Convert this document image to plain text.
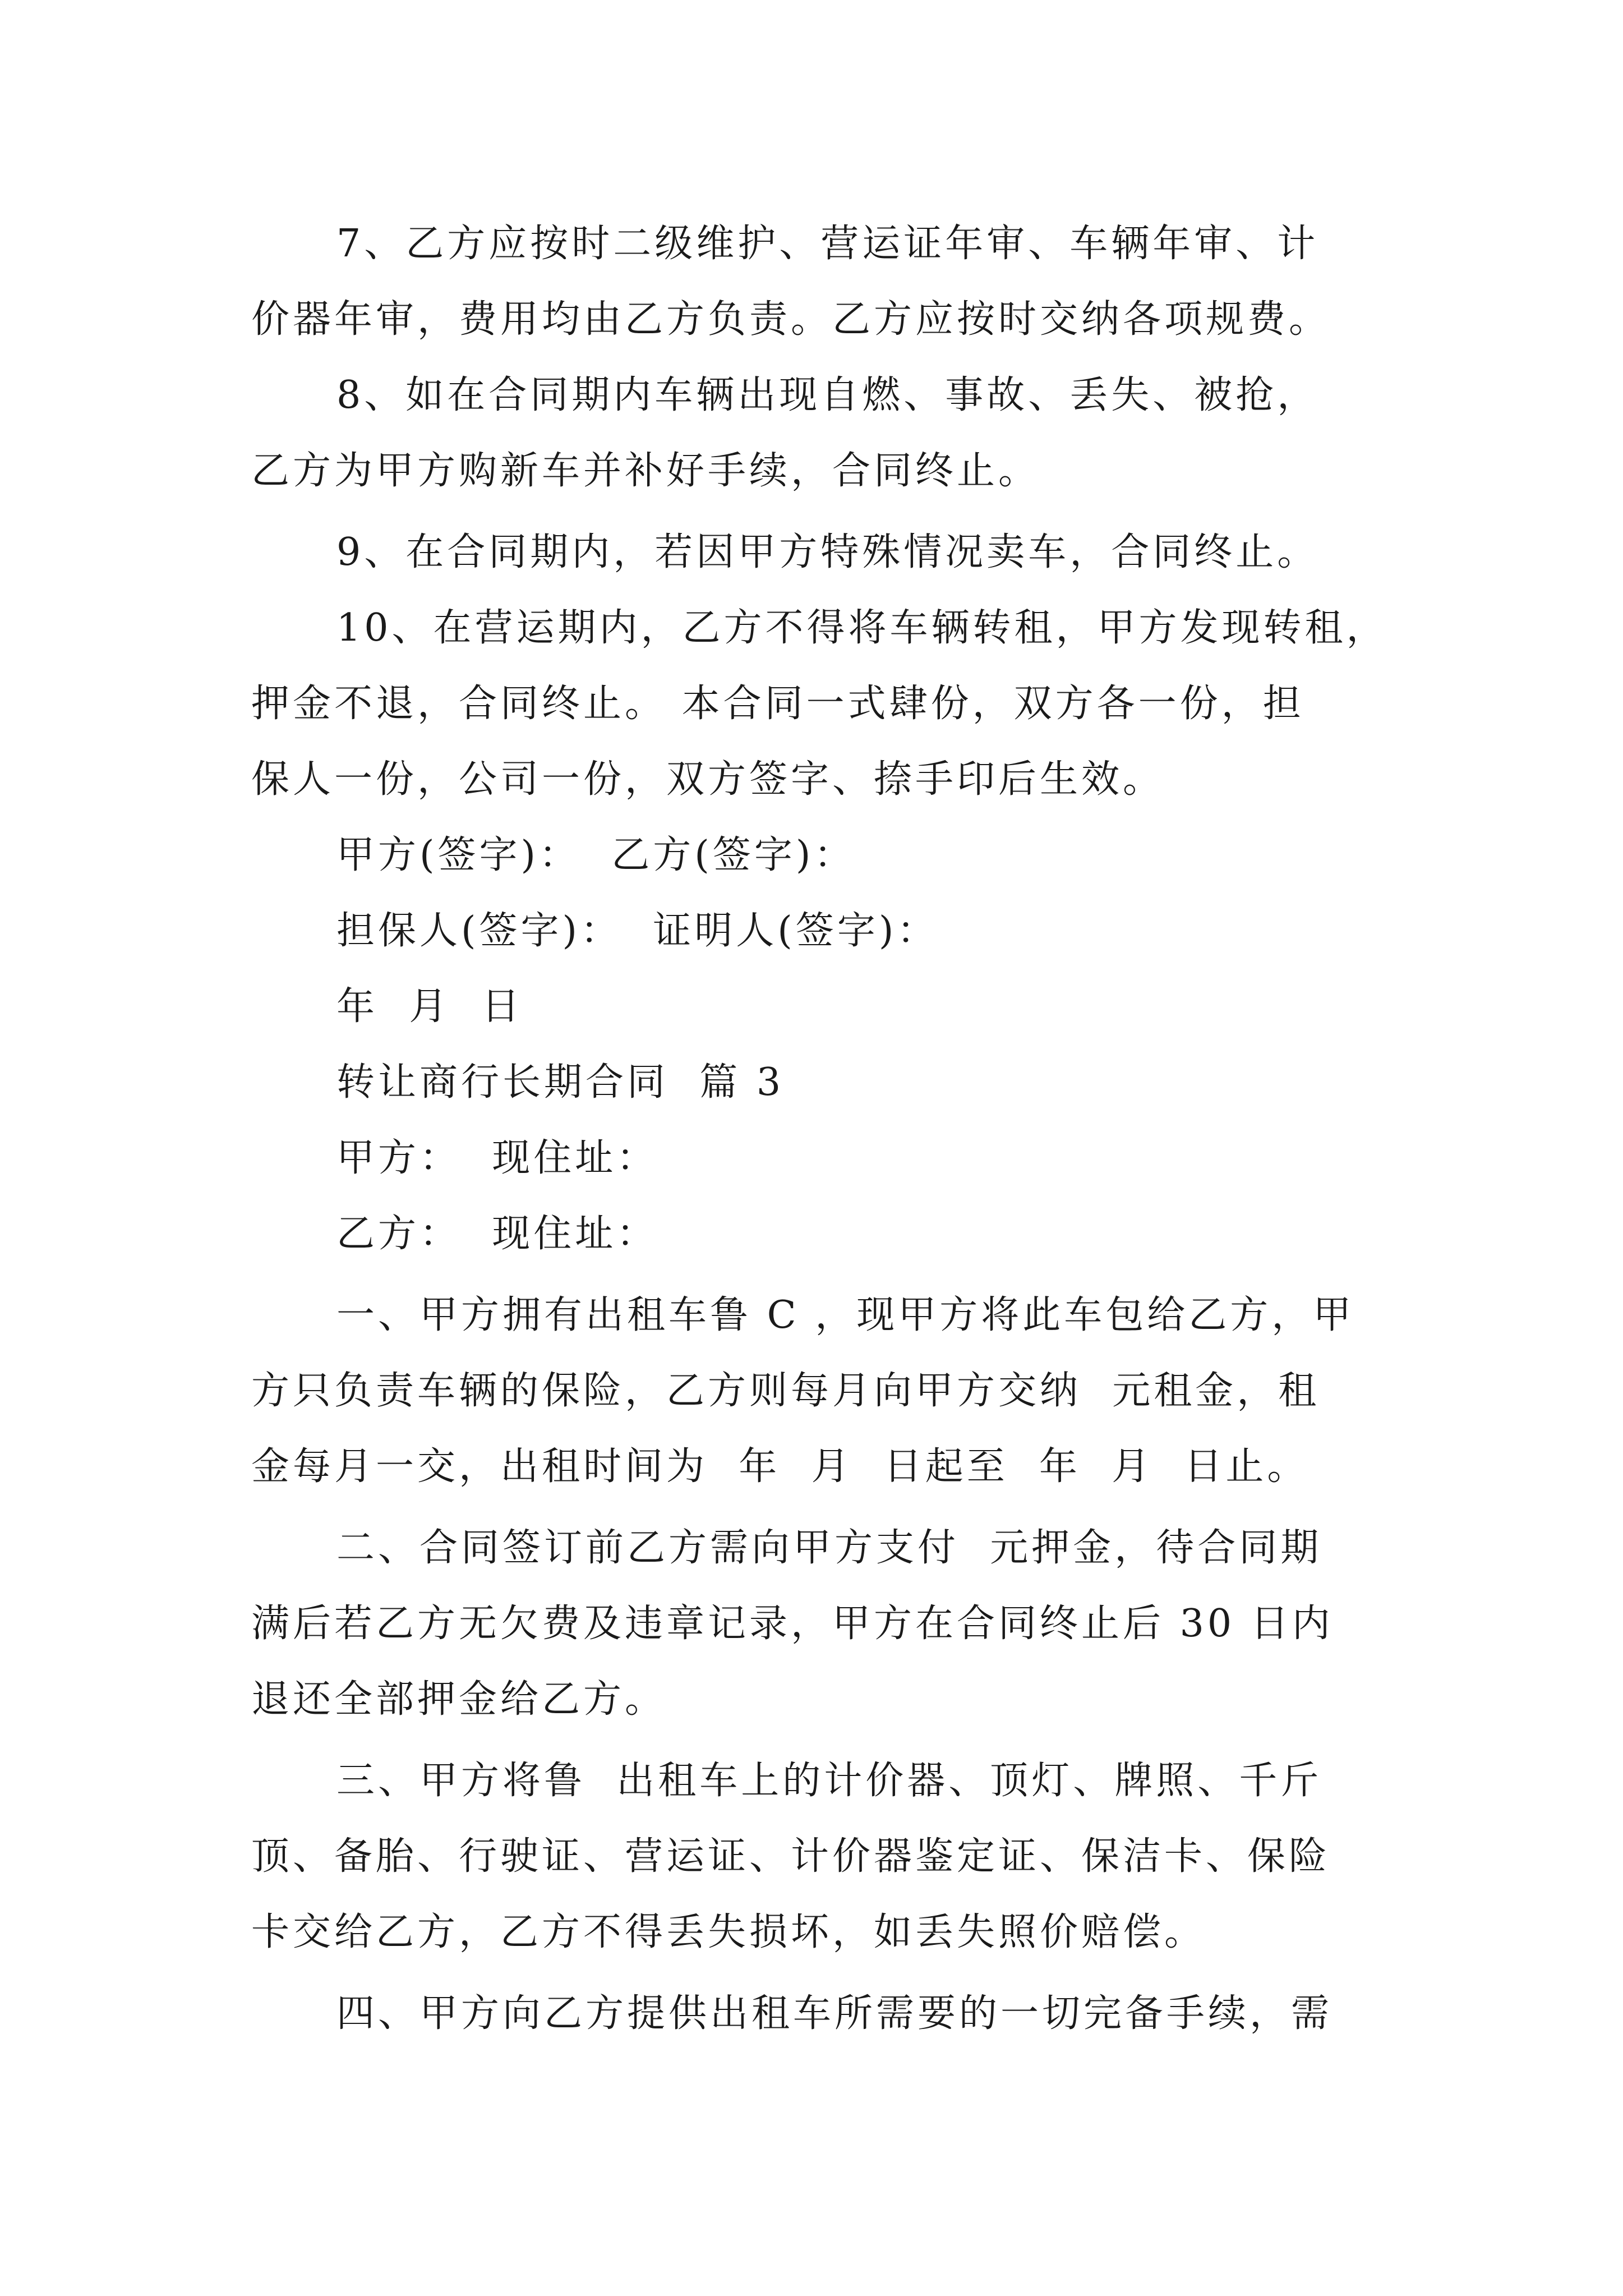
7、乙方应按时二级维护、营运证年审、车辆年审、计
价器年审，费用均由乙方负责。乙方应按时交纳各项规费。
8、如在合同期内车辆出现自燃、事故、丢失、被抢，
乙方为甲方购新车并补好手续，合同终止。
9、在合同期内，若因甲方特殊情况卖车，合同终止。
10、在营运期内，乙方不得将车辆转租，甲方发现转租，
押金不退，合同终止。 本合同一式肆份，双方各一份，担
保人一份，公司一份，双方签字、捺手印后生效。
甲方(签字)：  乙方(签字)：
担保人(签字)：  证明人(签字)：
年  月  日
转让商行长期合同  篇 3
甲方：  现住址：
乙方：  现住址：
一、甲方拥有出租车鲁 C ，现甲方将此车包给乙方，甲
方只负责车辆的保险，乙方则每月向甲方交纳  元租金，租
金每月一交，出租时间为  年  月  日起至  年  月  日止。
二、合同签订前乙方需向甲方支付  元押金，待合同期
满后若乙方无欠费及违章记录，甲方在合同终止后 30 日内
退还全部押金给乙方。
三、甲方将鲁  出租车上的计价器、顶灯、牌照、千斤
顶、备胎、行驶证、营运证、计价器鉴定证、保洁卡、保险
卡交给乙方，乙方不得丢失损坏，如丢失照价赔偿。
四、甲方向乙方提供出租车所需要的一切完备手续，需
